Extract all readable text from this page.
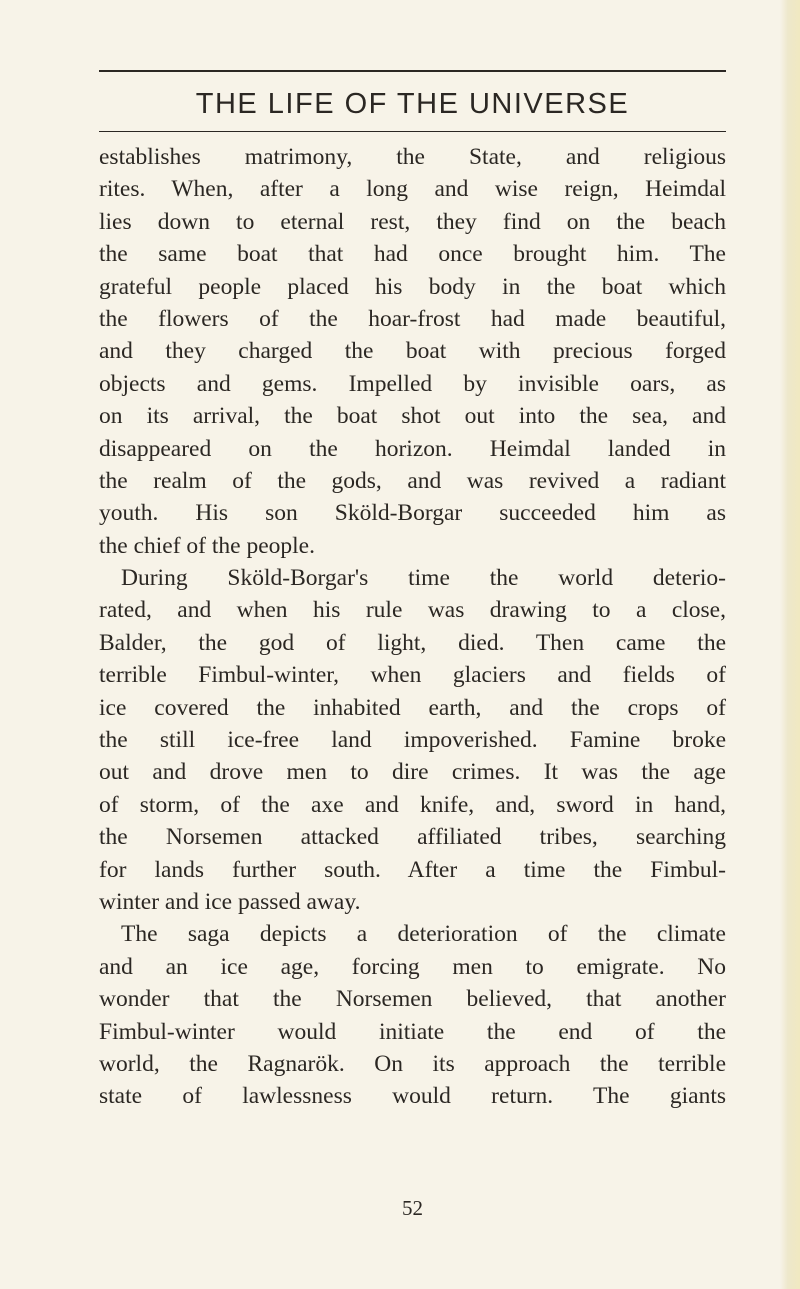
THE LIFE OF THE UNIVERSE
establishes matrimony, the State, and religious
rites. When, after a long and wise reign, Heimdal
lies down to eternal rest, they find on the beach
the same boat that had once brought him. The
grateful people placed his body in the boat which
the flowers of the hoar-frost had made beautiful,
and they charged the boat with precious forged
objects and gems. Impelled by invisible oars, as
on its arrival, the boat shot out into the sea, and
disappeared on the horizon. Heimdal landed in
the realm of the gods, and was revived a radiant
youth. His son Sköld-Borgar succeeded him as
the chief of the people.
During Sköld-Borgar's time the world deterio-
rated, and when his rule was drawing to a close,
Balder, the god of light, died. Then came the
terrible Fimbul-winter, when glaciers and fields of
ice covered the inhabited earth, and the crops of
the still ice-free land impoverished. Famine broke
out and drove men to dire crimes. It was the age
of storm, of the axe and knife, and, sword in hand,
the Norsemen attacked affiliated tribes, searching
for lands further south. After a time the Fimbul-
winter and ice passed away.
The saga depicts a deterioration of the climate
and an ice age, forcing men to emigrate. No
wonder that the Norsemen believed, that another
Fimbul-winter would initiate the end of the
world, the Ragnarök. On its approach the terrible
state of lawlessness would return. The giants
52
